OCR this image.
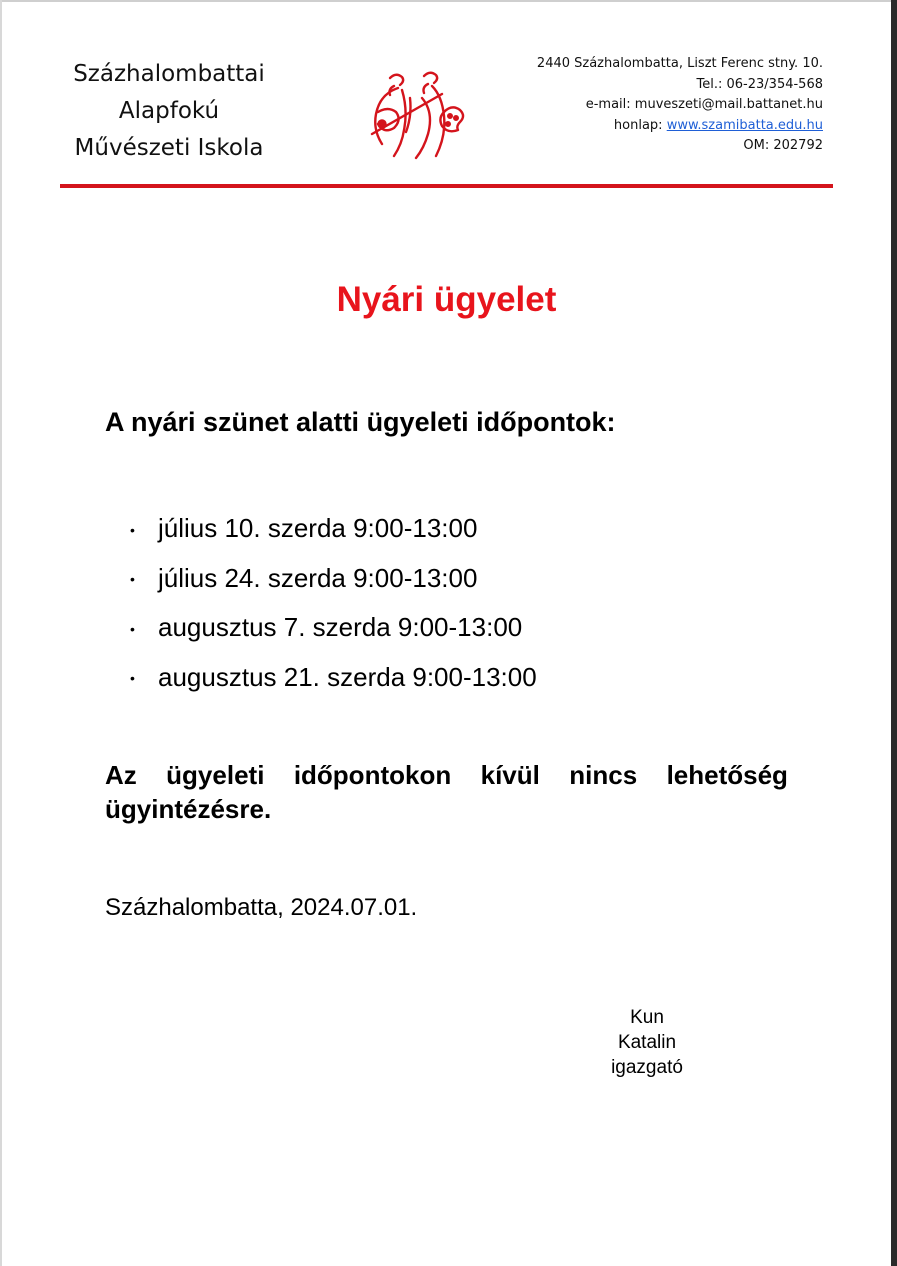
Százhalombattai
Alapfokú
Művészeti Iskola
2440 Százhalombatta, Liszt Ferenc stny. 10.
Tel.: 06-23/354-568
e-mail: muveszeti@mail.battanet.hu
honlap: www.szamibatta.edu.hu
OM: 202792
Nyári ügyelet
A nyári szünet alatti ügyeleti időpontok:
• július 10. szerda 9:00-13:00
• július 24. szerda 9:00-13:00
• augusztus 7. szerda 9:00-13:00
• augusztus 21. szerda 9:00-13:00
Az ügyeleti időpontokon kívül nincs lehetőség
ügyintézésre.
Százhalombatta, 2024.07.01.
Kun Katalin
igazgató
